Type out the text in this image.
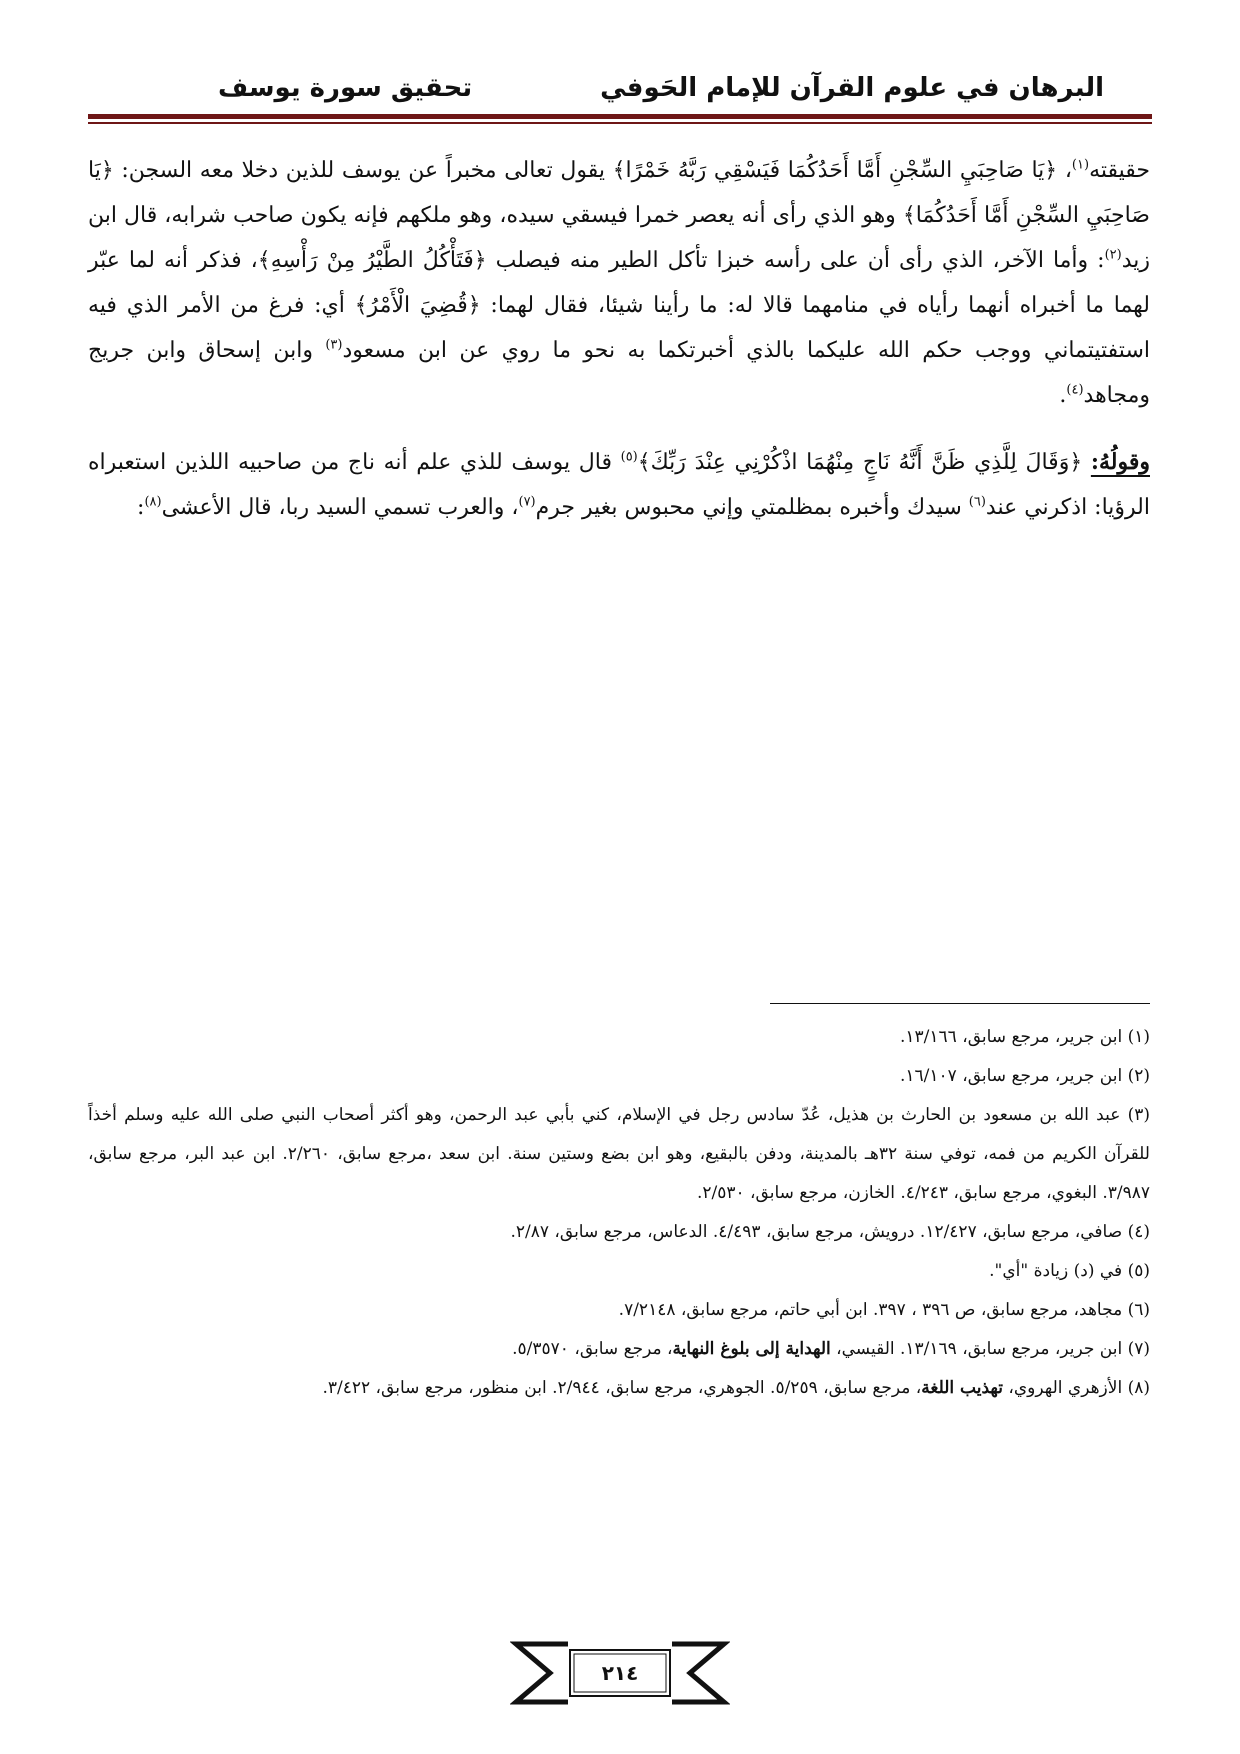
البرهان في علوم القرآن للإمام الحَوفي
تحقيق سورة يوسف

حقيقته$^{(١)}$، ﴿يَا صَاحِبَيِ السِّجْنِ أَمَّا أَحَدُكُمَا فَيَسْقِي رَبَّهُ خَمْرًا﴾ يقول تعالى مخبراً عن يوسف للذين دخلا معه السجن: ﴿يَا صَاحِبَيِ السِّجْنِ أَمَّا أَحَدُكُمَا﴾ وهو الذي رأى أنه يعصر خمرا فيسقي سيده، وهو ملكهم فإنه يكون صاحب شرابه، قال ابن زيد$^{(٢)}$: وأما الآخر، الذي رأى أن على رأسه خبزا تأكل الطير منه فيصلب ﴿فَتَأْكُلُ الطَّيْرُ مِنْ رَأْسِهِ﴾، فذكر أنه لما عبّر لهما ما أخبراه أنهما رأياه في منامهما قالا له: ما رأينا شيئا، فقال لهما: ﴿قُضِيَ الْأَمْرُ﴾ أي: فرغ من الأمر الذي فيه استفتيتماني ووجب حكم الله عليكما بالذي أخبرتكما به نحو ما روي عن ابن مسعود$^{(٣)}$ وابن إسحاق وابن جريج ومجاهد$^{(٤)}$.

وقولُهُ: ﴿وَقَالَ لِلَّذِي ظَنَّ أَنَّهُ نَاجٍ مِنْهُمَا اذْكُرْنِي عِنْدَ رَبِّكَ﴾$^{(٥)}$ قال يوسف للذي علم أنه ناج من صاحبيه اللذين استعبراه الرؤيا: اذكرني عند$^{(٦)}$ سيدك وأخبره بمظلمتي وإني محبوس بغير جرم$^{(٧)}$، والعرب تسمي السيد ربا، قال الأعشى$^{(٨)}$:

(١) ابن جرير، مرجع سابق، ١٣/١٦٦.

(٢) ابن جرير، مرجع سابق، ١٦/١٠٧.

(٣) عبد الله بن مسعود بن الحارث بن هذيل، عُدّ سادس رجل في الإسلام، كني بأبي عبد الرحمن، وهو أكثر أصحاب النبي صلى الله عليه وسلم أخذاً للقرآن الكريم من فمه، توفي سنة ٣٢هـ بالمدينة، ودفن بالبقيع، وهو ابن بضع وستين سنة. ابن سعد ،مرجع سابق، ٢/٢٦٠. ابن عبد البر، مرجع سابق، ٣/٩٨٧. البغوي، مرجع سابق، ٤/٢٤٣. الخازن، مرجع سابق، ٢/٥٣٠.

(٤) صافي، مرجع سابق، ١٢/٤٢٧. درويش، مرجع سابق، ٤/٤٩٣. الدعاس، مرجع سابق، ٢/٨٧.

(٥) في (د) زيادة "أي".

(٦) مجاهد، مرجع سابق، ص ٣٩٦ ، ٣٩٧. ابن أبي حاتم، مرجع سابق، ٧/٢١٤٨.

(٧) ابن جرير، مرجع سابق، ١٣/١٦٩. القيسي، الهداية إلى بلوغ النهاية، مرجع سابق، ٥/٣٥٧٠.

(٨) الأزهري الهروي، تهذيب اللغة، مرجع سابق، ٥/٢٥٩. الجوهري، مرجع سابق، ٢/٩٤٤. ابن منظور، مرجع سابق، ٣/٤٢٢.

٢١٤
